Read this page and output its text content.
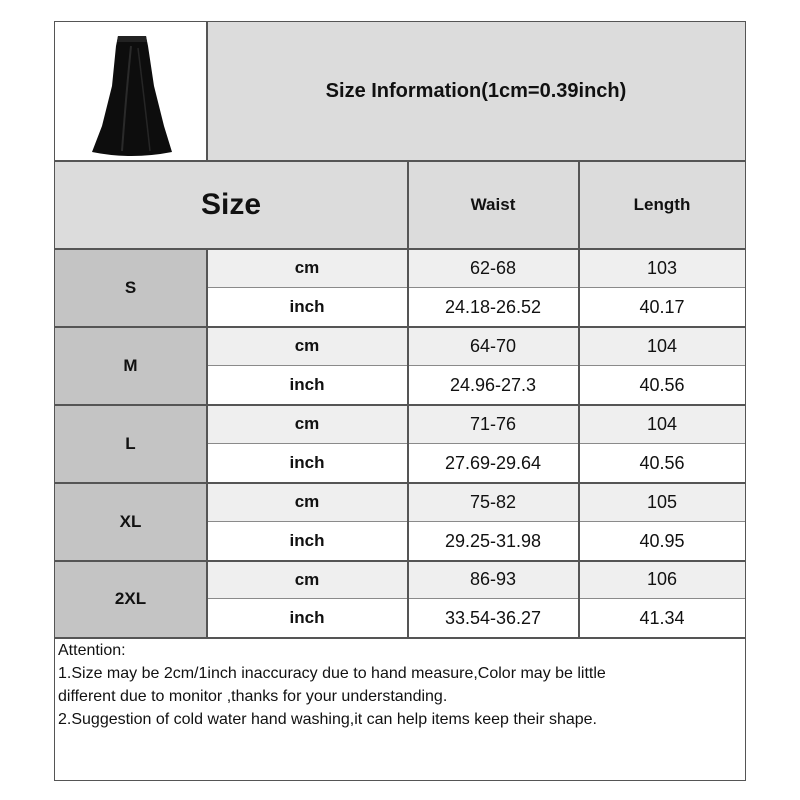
Size Information(1cm=0.39inch)
Size	Waist	Length
S
cm	62-68	103
inch	24.18-26.52	40.17
M
cm	64-70	104
inch	24.96-27.3	40.56
L
cm	71-76	104
inch	27.69-29.64	40.56
XL
cm	75-82	105
inch	29.25-31.98	40.95
2XL
cm	86-93	106
inch	33.54-36.27	41.34
Attention:
1.Size may be 2cm/1inch inaccuracy due to hand measure,Color may be little
different due to monitor ,thanks for your understanding.
2.Suggestion of cold water hand washing,it can help items keep their shape.
